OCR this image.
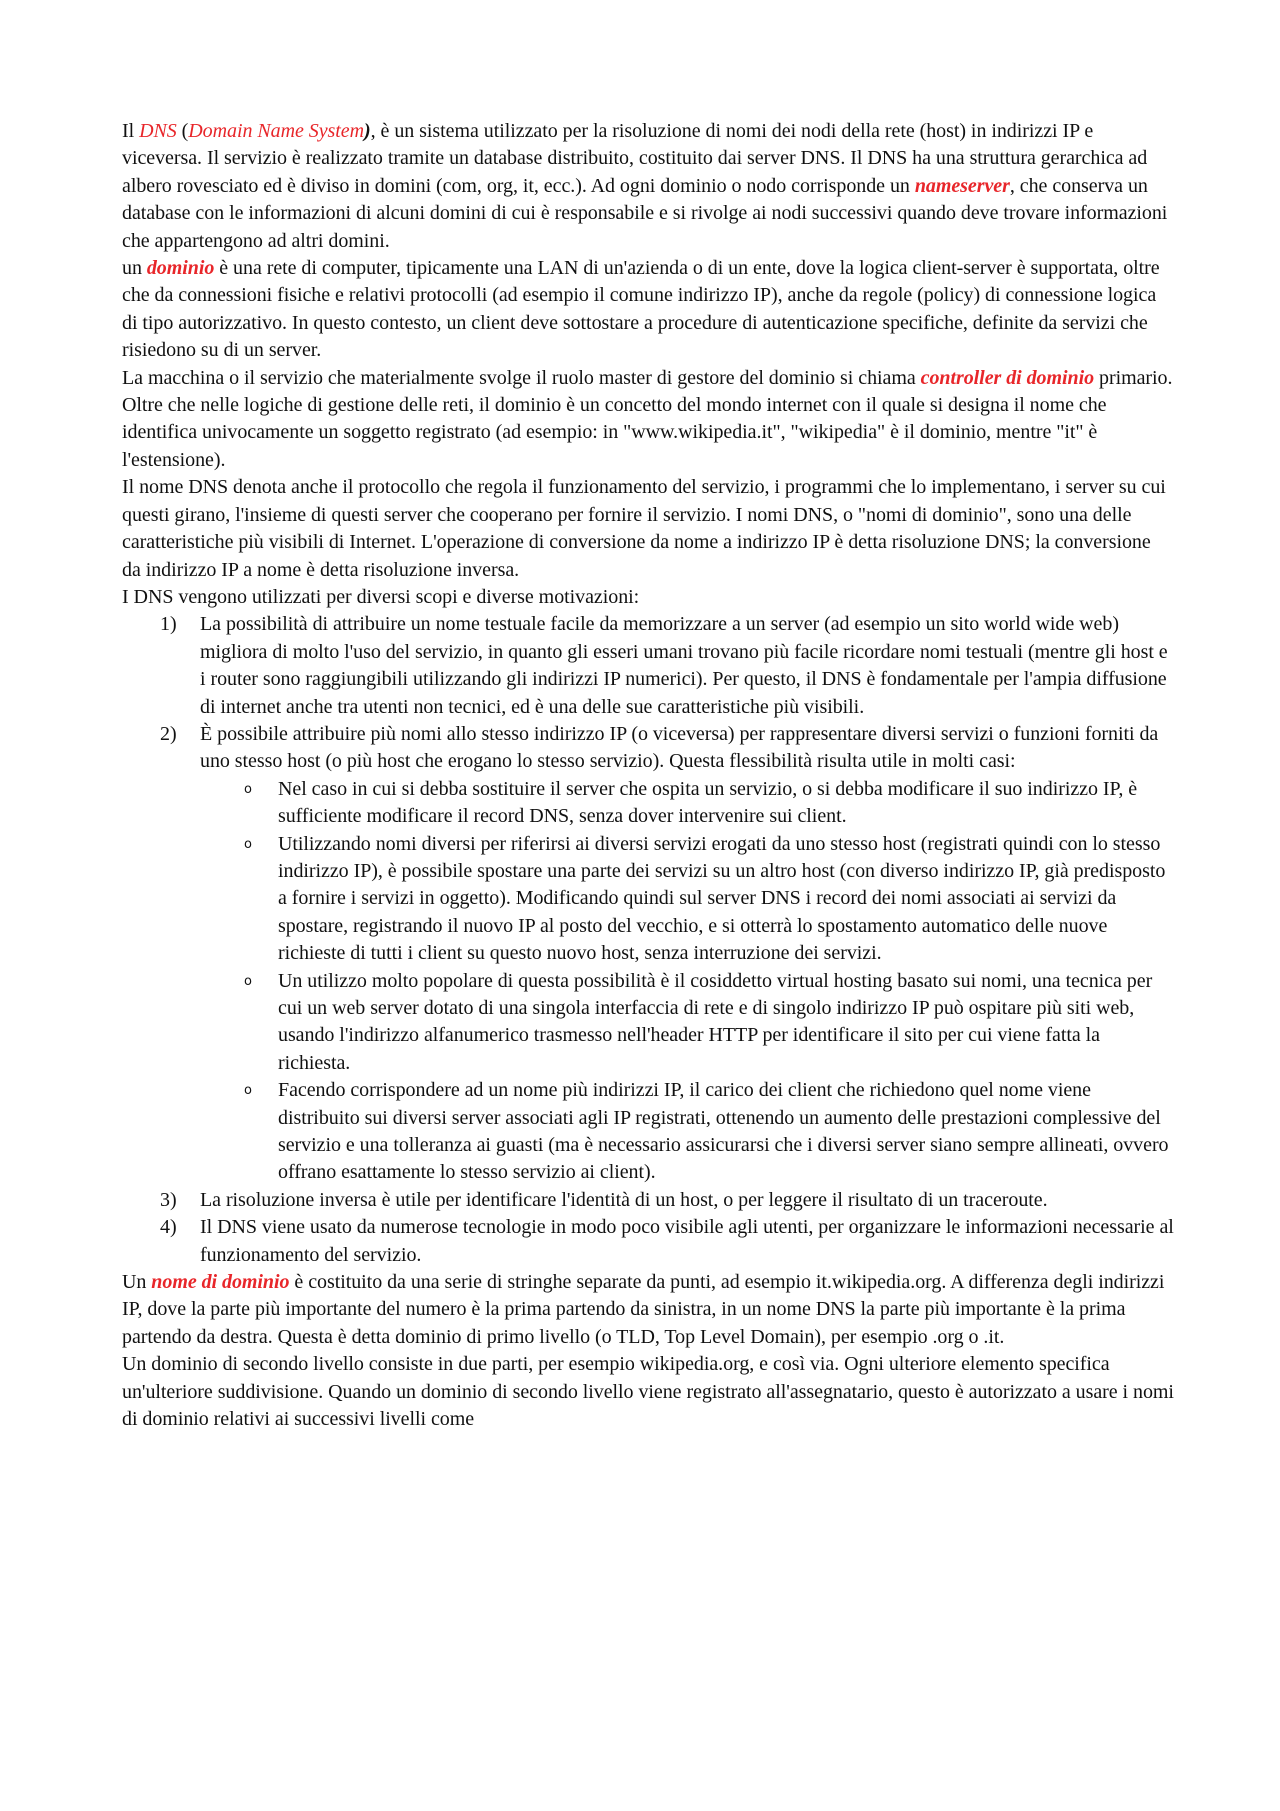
Il DNS (Domain Name System), è un sistema utilizzato per la risoluzione di nomi dei nodi della rete (host) in indirizzi IP e viceversa. Il servizio è realizzato tramite un database distribuito, costituito dai server DNS. Il DNS ha una struttura gerarchica ad albero rovesciato ed è diviso in domini (com, org, it, ecc.). Ad ogni dominio o nodo corrisponde un nameserver, che conserva un database con le informazioni di alcuni domini di cui è responsabile e si rivolge ai nodi successivi quando deve trovare informazioni che appartengono ad altri domini.

un dominio è una rete di computer, tipicamente una LAN di un'azienda o di un ente, dove la logica client-server è supportata, oltre che da connessioni fisiche e relativi protocolli (ad esempio il comune indirizzo IP), anche da regole (policy) di connessione logica di tipo autorizzativo. In questo contesto, un client deve sottostare a procedure di autenticazione specifiche, definite da servizi che risiedono su di un server.

La macchina o il servizio che materialmente svolge il ruolo master di gestore del dominio si chiama controller di dominio primario.

Oltre che nelle logiche di gestione delle reti, il dominio è un concetto del mondo internet con il quale si designa il nome che identifica univocamente un soggetto registrato (ad esempio: in "www.wikipedia.it", "wikipedia" è il dominio, mentre "it" è l'estensione).

Il nome DNS denota anche il protocollo che regola il funzionamento del servizio, i programmi che lo implementano, i server su cui questi girano, l'insieme di questi server che cooperano per fornire il servizio. I nomi DNS, o "nomi di dominio", sono una delle caratteristiche più visibili di Internet. L'operazione di conversione da nome a indirizzo IP è detta risoluzione DNS; la conversione da indirizzo IP a nome è detta risoluzione inversa.

I DNS vengono utilizzati per diversi scopi e diverse motivazioni:

1) La possibilità di attribuire un nome testuale facile da memorizzare a un server (ad esempio un sito world wide web) migliora di molto l'uso del servizio, in quanto gli esseri umani trovano più facile ricordare nomi testuali (mentre gli host e i router sono raggiungibili utilizzando gli indirizzi IP numerici). Per questo, il DNS è fondamentale per l'ampia diffusione di internet anche tra utenti non tecnici, ed è una delle sue caratteristiche più visibili.
2) È possibile attribuire più nomi allo stesso indirizzo IP (o viceversa) per rappresentare diversi servizi o funzioni forniti da uno stesso host (o più host che erogano lo stesso servizio). Questa flessibilità risulta utile in molti casi:
o Nel caso in cui si debba sostituire il server che ospita un servizio, o si debba modificare il suo indirizzo IP, è sufficiente modificare il record DNS, senza dover intervenire sui client.
o Utilizzando nomi diversi per riferirsi ai diversi servizi erogati da uno stesso host (registrati quindi con lo stesso indirizzo IP), è possibile spostare una parte dei servizi su un altro host (con diverso indirizzo IP, già predisposto a fornire i servizi in oggetto). Modificando quindi sul server DNS i record dei nomi associati ai servizi da spostare, registrando il nuovo IP al posto del vecchio, e si otterrà lo spostamento automatico delle nuove richieste di tutti i client su questo nuovo host, senza interruzione dei servizi.
o Un utilizzo molto popolare di questa possibilità è il cosiddetto virtual hosting basato sui nomi, una tecnica per cui un web server dotato di una singola interfaccia di rete e di singolo indirizzo IP può ospitare più siti web, usando l'indirizzo alfanumerico trasmesso nell'header HTTP per identificare il sito per cui viene fatta la richiesta.
o Facendo corrispondere ad un nome più indirizzi IP, il carico dei client che richiedono quel nome viene distribuito sui diversi server associati agli IP registrati, ottenendo un aumento delle prestazioni complessive del servizio e una tolleranza ai guasti (ma è necessario assicurarsi che i diversi server siano sempre allineati, ovvero offrano esattamente lo stesso servizio ai client).
3) La risoluzione inversa è utile per identificare l'identità di un host, o per leggere il risultato di un traceroute.
4) Il DNS viene usato da numerose tecnologie in modo poco visibile agli utenti, per organizzare le informazioni necessarie al funzionamento del servizio.

Un nome di dominio è costituito da una serie di stringhe separate da punti, ad esempio it.wikipedia.org. A differenza degli indirizzi IP, dove la parte più importante del numero è la prima partendo da sinistra, in un nome DNS la parte più importante è la prima partendo da destra. Questa è detta dominio di primo livello (o TLD, Top Level Domain), per esempio .org o .it.

Un dominio di secondo livello consiste in due parti, per esempio wikipedia.org, e così via. Ogni ulteriore elemento specifica un'ulteriore suddivisione. Quando un dominio di secondo livello viene registrato all'assegnatario, questo è autorizzato a usare i nomi di dominio relativi ai successivi livelli come
